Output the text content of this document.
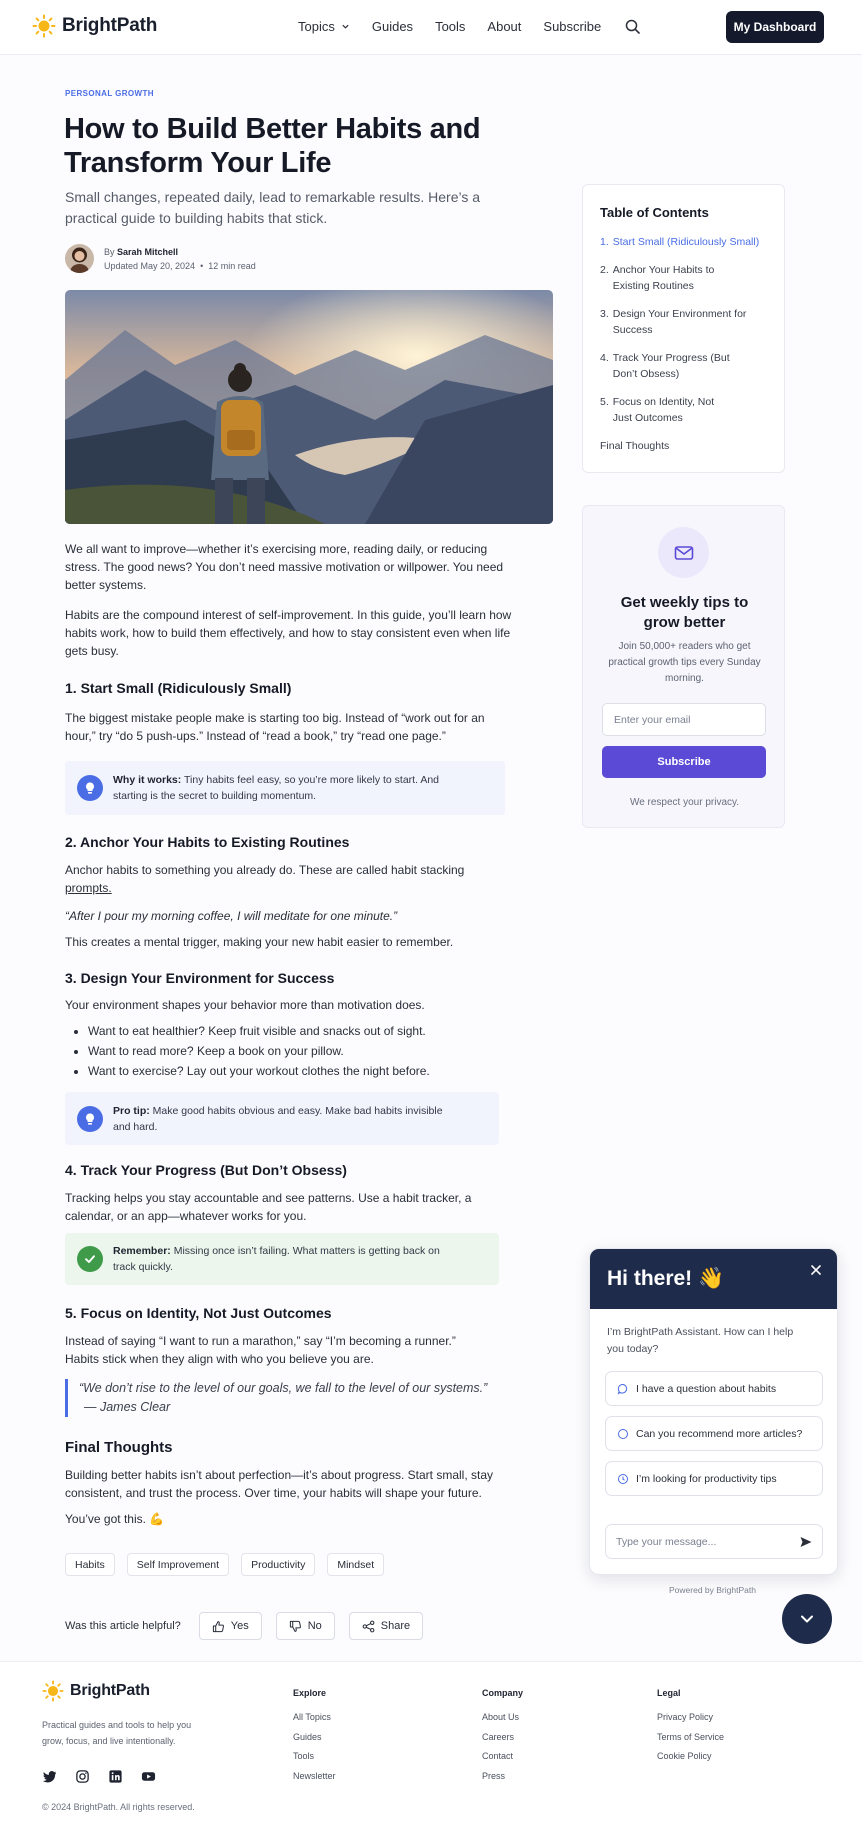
BrightPath	Topics	Guides Tools About Subscribe	My Dashboard
PERSONAL GROWTH
How to Build Better Habits and Transform Your Life
Small changes, repeated daily, lead to remarkable results. Here’s a practical guide to building habits that stick.
By Sarah Mitchell
Updated May 20, 2024 • 12 min read
We all want to improve—whether it’s exercising more, reading daily, or reducing stress. The good news? You don’t need massive motivation or willpower. You need better systems.
Habits are the compound interest of self-improvement. In this guide, you’ll learn how habits work, how to build them effectively, and how to stay consistent even when life gets busy.
1. Start Small (Ridiculously Small)
The biggest mistake people make is starting too big. Instead of “work out for an hour,” try “do 5 push-ups.” Instead of “read a book,” try “read one page.”
Why it works: Tiny habits feel easy, so you’re more likely to start. And starting is the secret to building momentum.
2. Anchor Your Habits to Existing Routines
Anchor habits to something you already do. These are called habit stacking prompts.
“After I pour my morning coffee, I will meditate for one minute.”
This creates a mental trigger, making your new habit easier to remember.
3. Design Your Environment for Success
Your environment shapes your behavior more than motivation does.
• Want to eat healthier? Keep fruit visible and snacks out of sight.
• Want to read more? Keep a book on your pillow.
• Want to exercise? Lay out your workout clothes the night before.
Pro tip: Make good habits obvious and easy. Make bad habits invisible and hard.
4. Track Your Progress (But Don’t Obsess)
Tracking helps you stay accountable and see patterns. Use a habit tracker, a calendar, or an app—whatever works for you.
Remember: Missing once isn’t failing. What matters is getting back on track quickly.
5. Focus on Identity, Not Just Outcomes
Instead of saying “I want to run a marathon,” say “I’m becoming a runner.” Habits stick when they align with who you believe you are.
“We don’t rise to the level of our goals, we fall to the level of our systems.”
— James Clear
Final Thoughts
Building better habits isn’t about perfection—it’s about progress. Start small, stay consistent, and trust the process. Over time, your habits will shape your future.
You’ve got this. 💪
Habits	Self Improvement	Productivity	Mindset
Was this article helpful?	Yes	No	Share
Table of Contents
1. Start Small (Ridiculously Small)
2. Anchor Your Habits to Existing Routines
3. Design Your Environment for Success
4. Track Your Progress (But Don’t Obsess)
5. Focus on Identity, Not Just Outcomes
Final Thoughts
Get weekly tips to grow better
Join 50,000+ readers who get practical growth tips every Sunday morning.
Enter your email
Subscribe
We respect your privacy.
Hi there! 👋
I’m BrightPath Assistant. How can I help you today?
I have a question about habits
Can you recommend more articles?
I’m looking for productivity tips
Type your message...
Powered by BrightPath
BrightPath
Practical guides and tools to help you grow, focus, and live intentionally.
© 2024 BrightPath. All rights reserved.
Explore
All Topics
Guides
Tools
Newsletter
Company
About Us
Careers
Contact
Press
Legal
Privacy Policy
Terms of Service
Cookie Policy
